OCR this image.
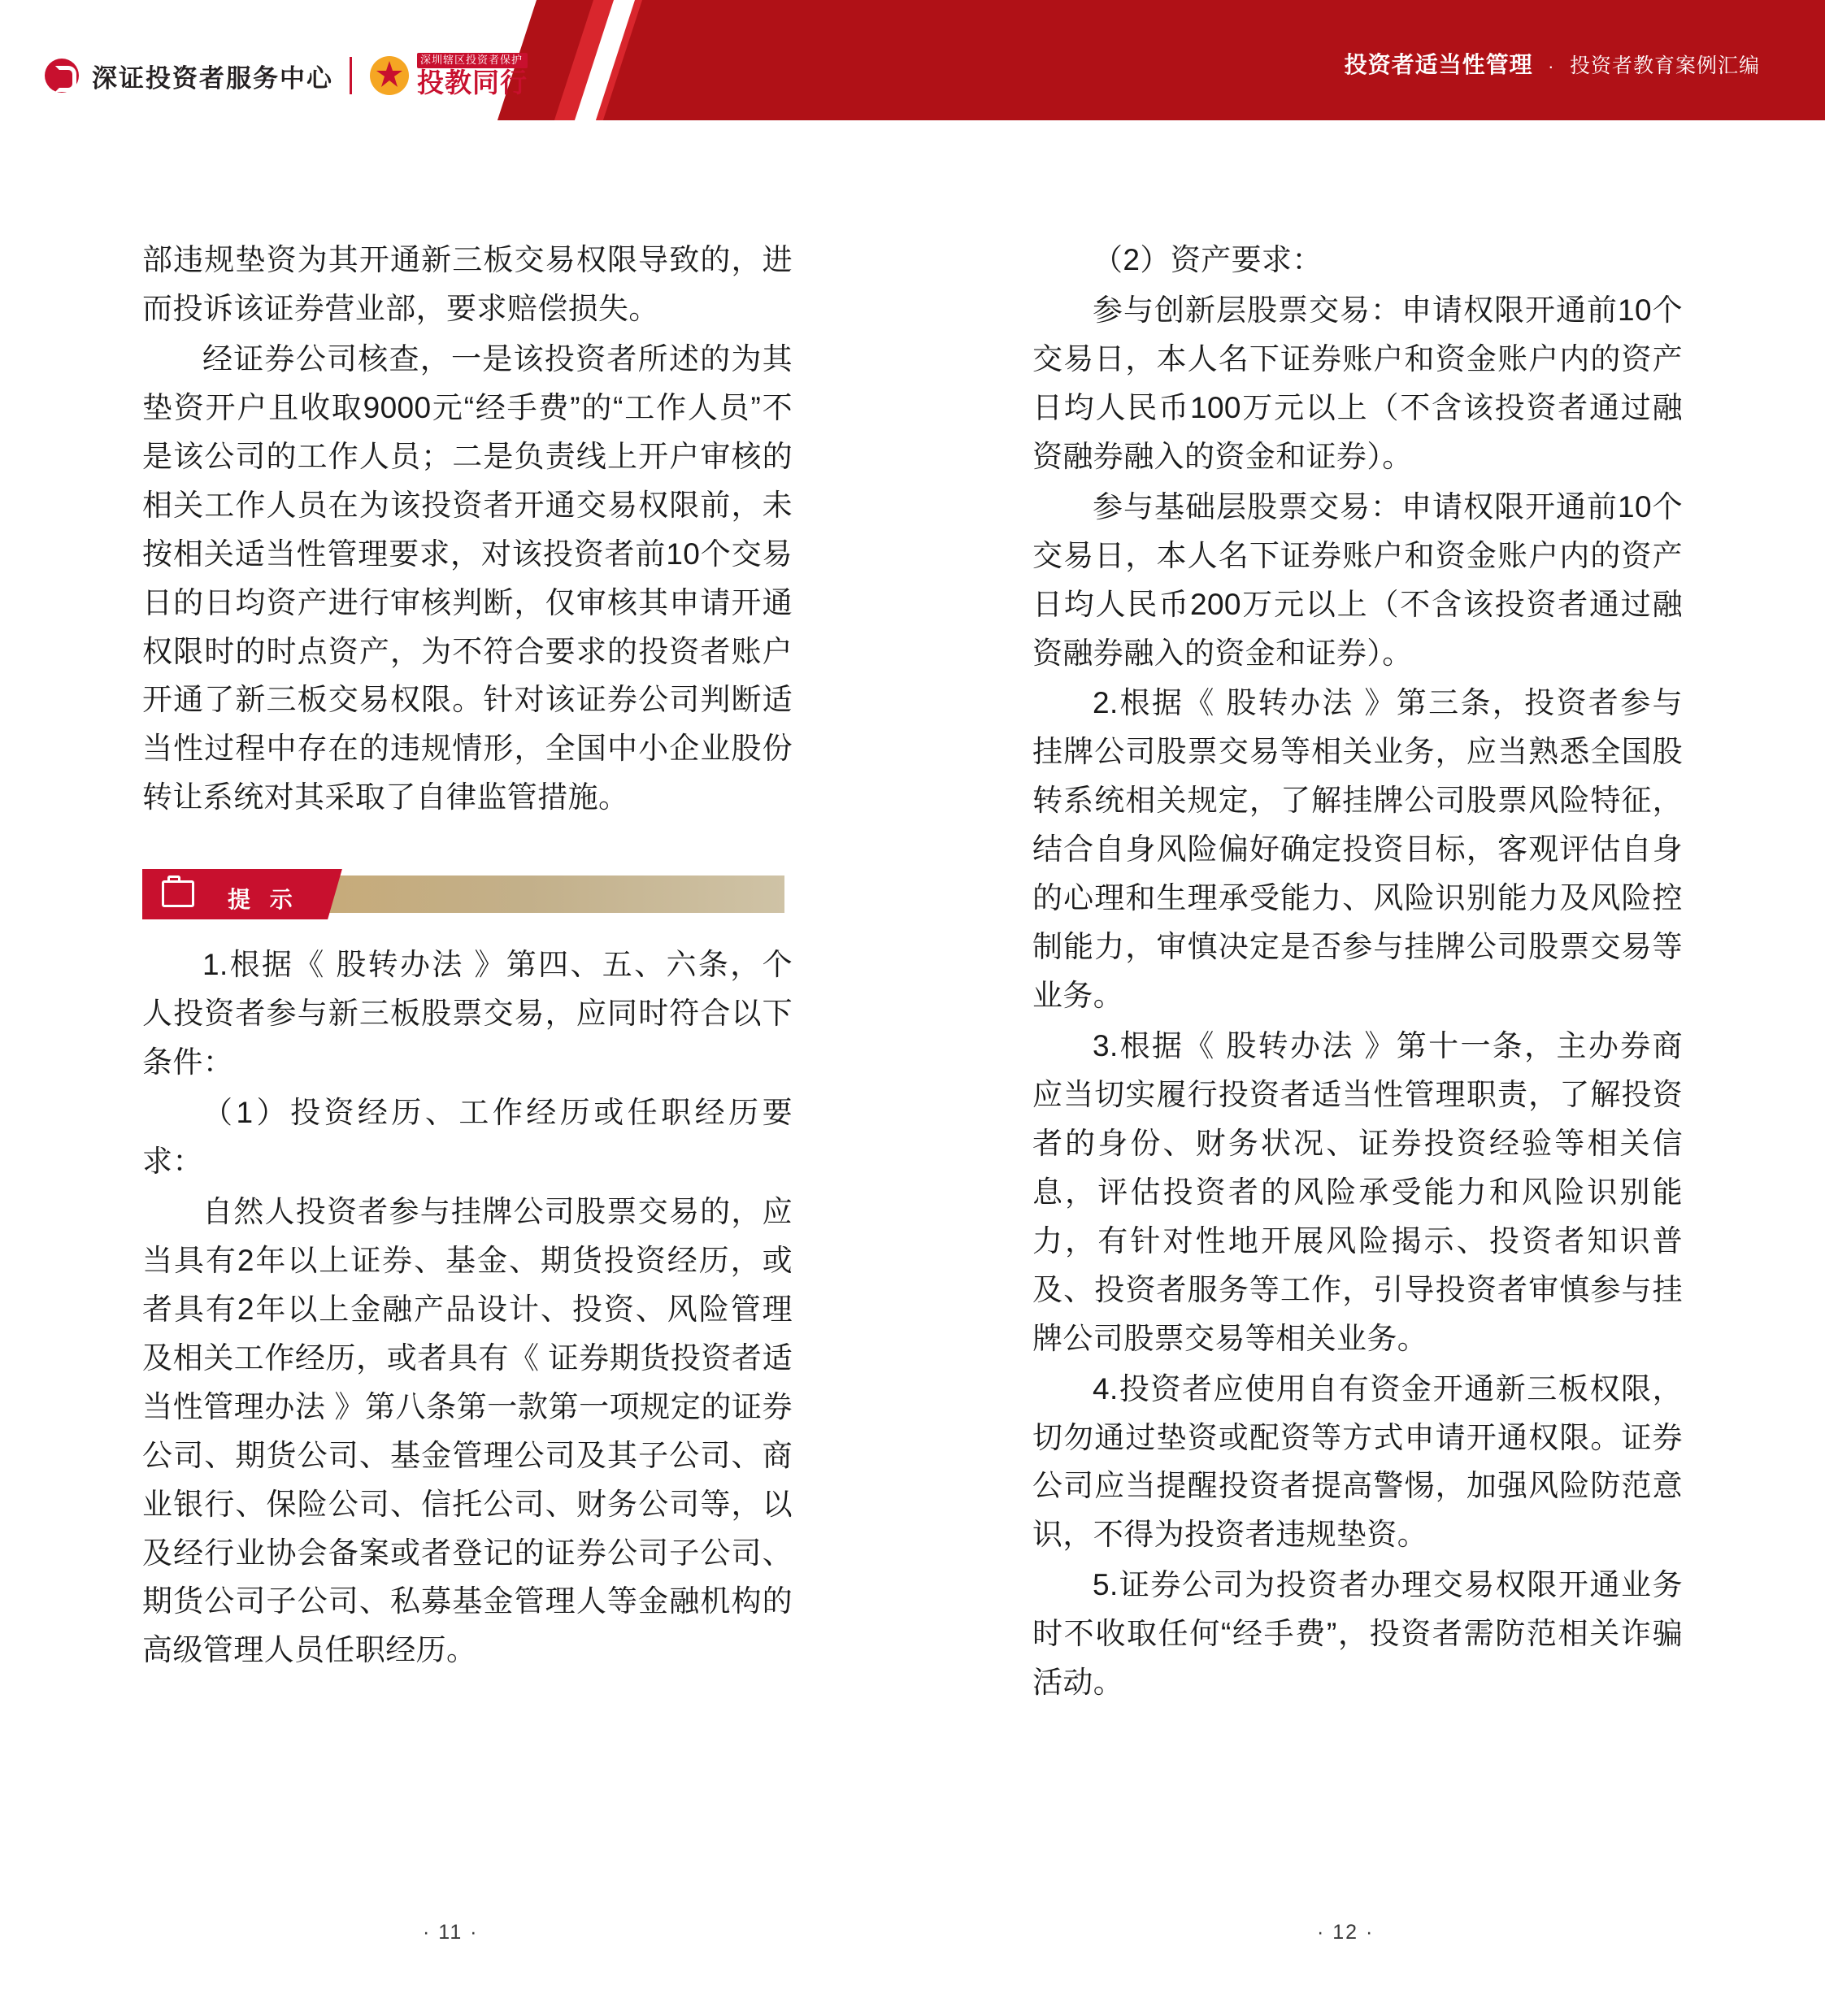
深证投资者服务中心
深圳辖区投资者保护
投教同行
投资者适当性管理 · 投资者教育案例汇编

部违规垫资为其开通新三板交易权限导致的，进而投诉该证券营业部，要求赔偿损失。

经证券公司核查，一是该投资者所述的为其垫资开户且收取9000元“经手费”的“工作人员”不是该公司的工作人员；二是负责线上开户审核的相关工作人员在为该投资者开通交易权限前，未按相关适当性管理要求，对该投资者前10个交易日的日均资产进行审核判断，仅审核其申请开通权限时的时点资产，为不符合要求的投资者账户开通了新三板交易权限。针对该证券公司判断适当性过程中存在的违规情形，全国中小企业股份转让系统对其采取了自律监管措施。

提 示

1.根据《 股转办法 》第四、五、六条，个人投资者参与新三板股票交易，应同时符合以下条件：

（1）投资经历、工作经历或任职经历要求：

自然人投资者参与挂牌公司股票交易的，应当具有2年以上证券、基金、期货投资经历，或者具有2年以上金融产品设计、投资、风险管理及相关工作经历，或者具有《 证券期货投资者适当性管理办法 》第八条第一款第一项规定的证券公司、期货公司、基金管理公司及其子公司、商业银行、保险公司、信托公司、财务公司等，以及经行业协会备案或者登记的证券公司子公司、期货公司子公司、私募基金管理人等金融机构的高级管理人员任职经历。

（2）资产要求：

参与创新层股票交易：申请权限开通前10个交易日，本人名下证券账户和资金账户内的资产日均人民币100万元以上（不含该投资者通过融资融券融入的资金和证券）。

参与基础层股票交易：申请权限开通前10个交易日，本人名下证券账户和资金账户内的资产日均人民币200万元以上（不含该投资者通过融资融券融入的资金和证券）。

2.根据《 股转办法 》第三条，投资者参与挂牌公司股票交易等相关业务，应当熟悉全国股转系统相关规定，了解挂牌公司股票风险特征，结合自身风险偏好确定投资目标，客观评估自身的心理和生理承受能力、风险识别能力及风险控制能力，审慎决定是否参与挂牌公司股票交易等业务。

3.根据《 股转办法 》第十一条，主办券商应当切实履行投资者适当性管理职责，了解投资者的身份、财务状况、证券投资经验等相关信息，评估投资者的风险承受能力和风险识别能力，有针对性地开展风险揭示、投资者知识普及、投资者服务等工作，引导投资者审慎参与挂牌公司股票交易等相关业务。

4.投资者应使用自有资金开通新三板权限，切勿通过垫资或配资等方式申请开通权限。证券公司应当提醒投资者提高警惕，加强风险防范意识，不得为投资者违规垫资。

5.证券公司为投资者办理交易权限开通业务时不收取任何“经手费”，投资者需防范相关诈骗活动。

· 11 ·	· 12 ·
